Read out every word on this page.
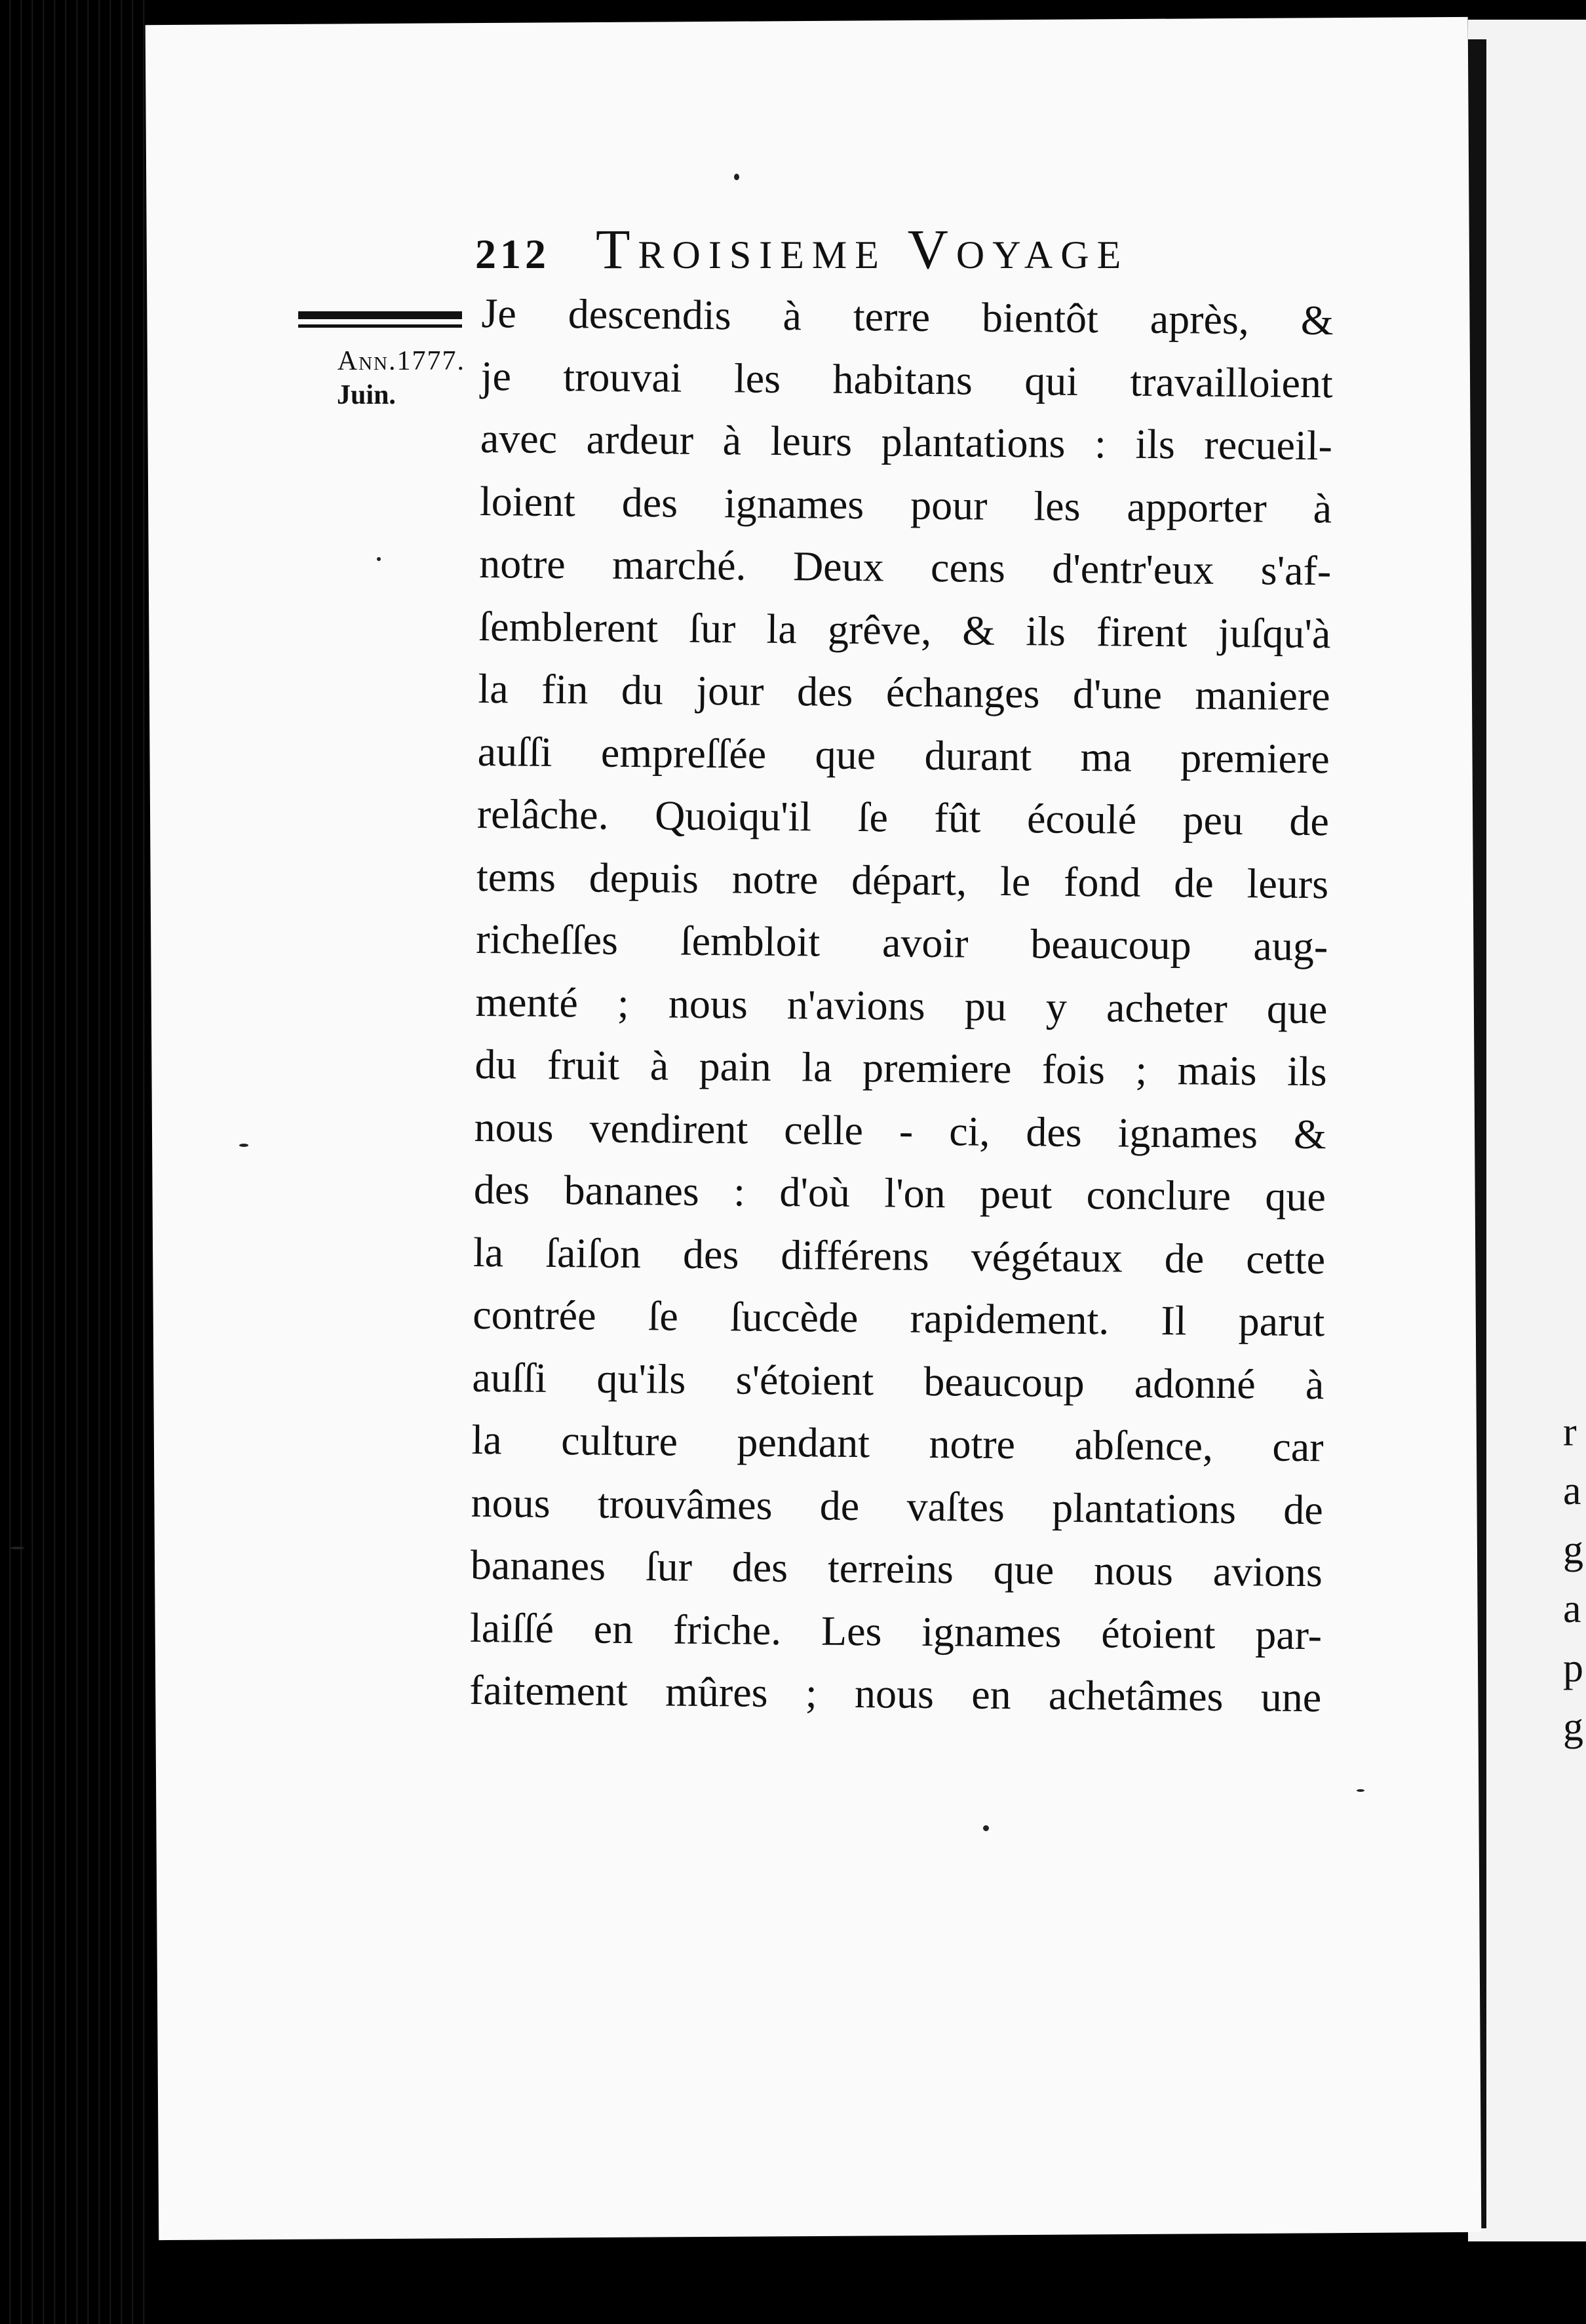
212 Troisieme Voyage
Ann.1777.
Juin.
Je descendis à terre bientôt après, &
je trouvai les habitans qui travailloient
avec ardeur à leurs plantations : ils recueil-
loient des ignames pour les apporter à
notre marché. Deux cens d'entr'eux s'af-
ſemblerent ſur la grêve, & ils firent juſqu'à
la fin du jour des échanges d'une maniere
auſſi empreſſée que durant ma premiere
relâche. Quoiqu'il ſe fût écoulé peu de
tems depuis notre départ, le fond de leurs
richeſſes ſembloit avoir beaucoup aug-
menté ; nous n'avions pu y acheter que
du fruit à pain la premiere fois ; mais ils
nous vendirent celle - ci, des ignames &
des bananes : d'où l'on peut conclure que
la ſaiſon des différens végétaux de cette
contrée ſe ſuccède rapidement. Il parut
auſſi qu'ils s'étoient beaucoup adonné à
la culture pendant notre abſence, car
nous trouvâmes de vaſtes plantations de
bananes ſur des terreins que nous avions
laiſſé en friche. Les ignames étoient par-
faitement mûres ; nous en achetâmes une
r
a
g
a
p
g
